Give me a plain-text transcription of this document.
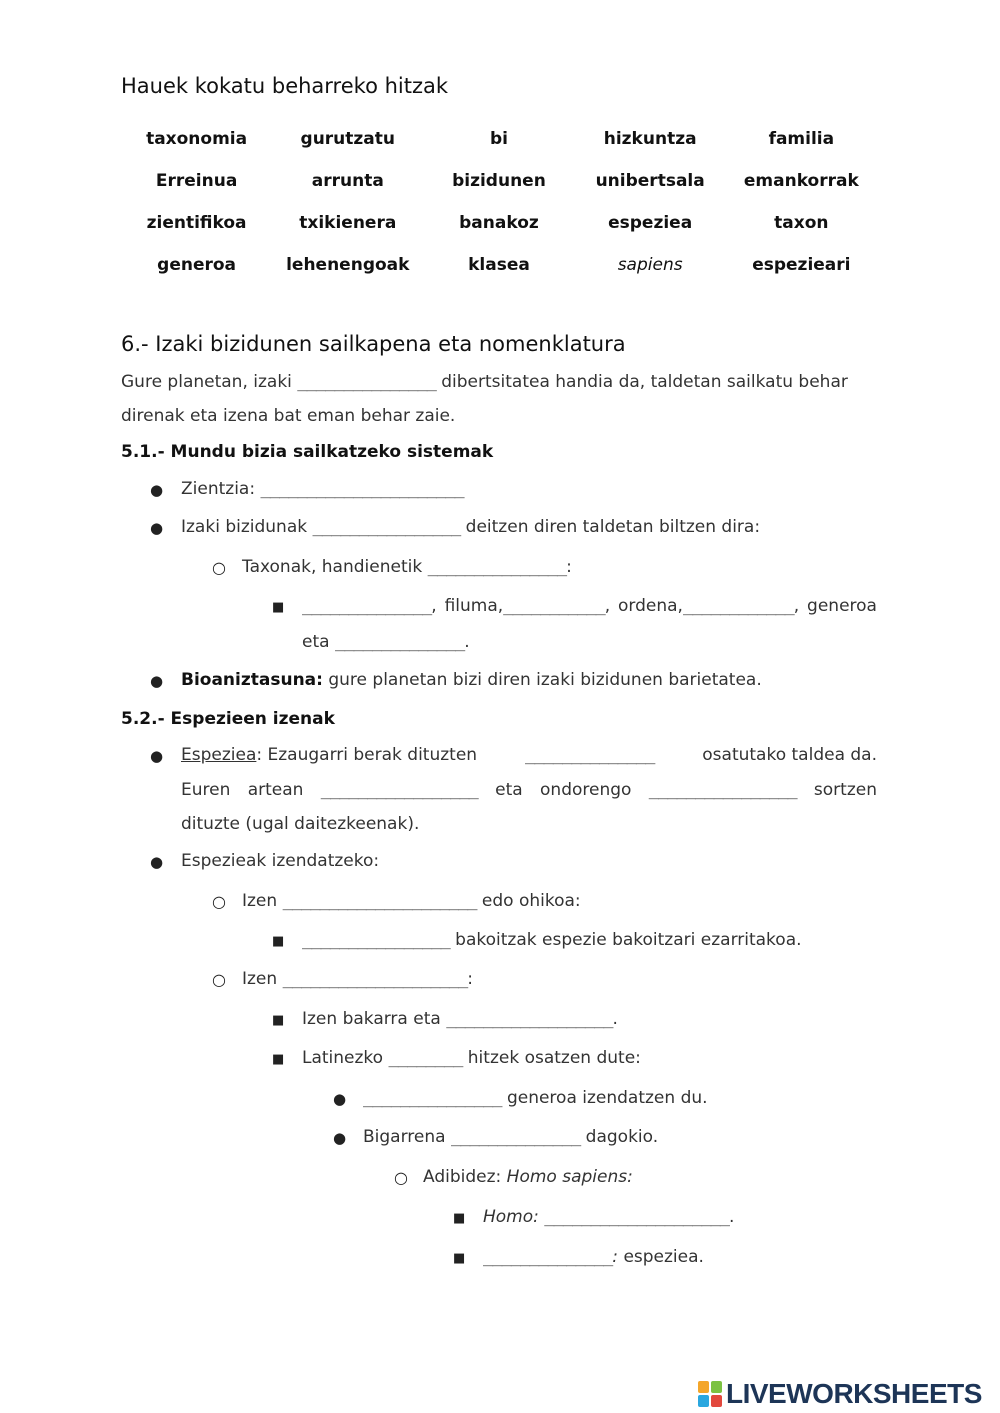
Hauek kokatu beharreko hitzak
taxonomia	gurutzatu	bi	hizkuntza	familia
Erreinua	arrunta	bizidunen	unibertsala	emankorrak
zientifikoa	txikienera	banakoz	espeziea	taxon
generoa	lehenengoak	klasea	sapiens	espezieari
6.- Izaki bizidunen sailkapena eta nomenklatura
Gure planetan, izaki _______________ dibertsitatea handia da, taldetan sailkatu behar
direnak eta izena bat eman behar zaie.
5.1.- Mundu bizia sailkatzeko sistemak
● Zientzia: ______________________
● Izaki bizidunak ________________ deitzen diren taldetan biltzen dira:
○ Taxonak, handienetik _______________:
■ ______________, filuma,___________, ordena,____________, generoa
eta ______________.
● Bioaniztasuna: gure planetan bizi diren izaki bizidunen barietatea.
5.2.- Espezieen izenak
● Espeziea: Ezaugarri berak dituzten	______________	osatutako taldea da.
Euren artean _________________ eta ondorengo ________________ sortzen
dituzte (ugal daitezkeenak).
● Espezieak izendatzeko:
○ Izen _____________________ edo ohikoa:
■ ________________ bakoitzak espezie bakoitzari ezarritakoa.
○ Izen ____________________:
■ Izen bakarra eta __________________.
■ Latinezko ________ hitzek osatzen dute:
● _______________ generoa izendatzen du.
● Bigarrena ______________ dagokio.
○ Adibidez: Homo sapiens:
■ Homo: ____________________.
■ ______________: espeziea.
LIVEWORKSHEETS
